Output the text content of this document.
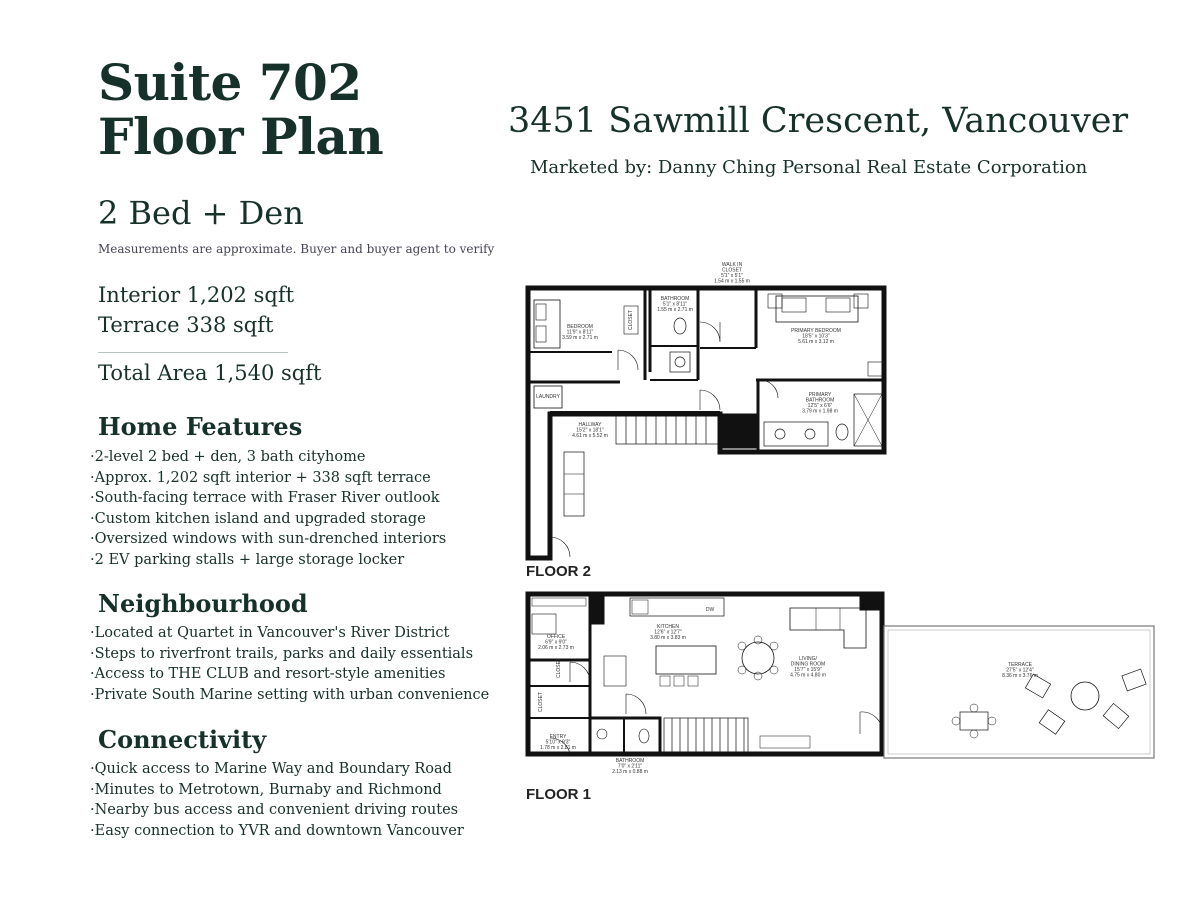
Suite 702
Floor Plan
2 Bed + Den
Measurements are approximate. Buyer and buyer agent to verify
Interior 1,202 sqft
Terrace 338 sqft
Total Area 1,540 sqft
Home Features
· 2-level 2 bed + den, 3 bath cityhome
· Approx. 1,202 sqft interior + 338 sqft terrace
· South-facing terrace with Fraser River outlook
· Custom kitchen island and upgraded storage
· Oversized windows with sun-drenched interiors
· 2 EV parking stalls + large storage locker
Neighbourhood
· Located at Quartet in Vancouver's River District
· Steps to riverfront trails, parks and daily essentials
· Access to THE CLUB and resort-style amenities
· Private South Marine setting with urban convenience
Connectivity
· Quick access to Marine Way and Boundary Road
· Minutes to Metrotown, Burnaby and Richmond
· Nearby bus access and convenient driving routes
· Easy connection to YVR and downtown Vancouver
3451 Sawmill Crescent, Vancouver
Marketed by: Danny Ching Personal Real Estate Corporation
WALK IN CLOSET 5'1" x 5'1" 1.54 m x 1.55 m
BATHROOM 5'1" x 8'11" 1.55 m x 2.71 m
BEDROOM 11'9" x 8'11" 3.59 m x 2.71 m
PRIMARY BEDROOM 18'5" x 10'3" 5.61 m x 3.12 m
LAUNDRY
HALLWAY 15'2" x 18'1" 4.61 m x 5.52 m
PRIMARY BATHROOM 12'5" x 6'6" 3.79 m x 1.98 m
CLOSET
FLOOR 2
OFFICE 6'9" x 9'0" 2.06 m x 2.73 m
KITCHEN 12'6" x 12'7" 3.80 m x 3.83 m
DW
LIVING/ DINING ROOM 15'7" x 15'9" 4.75 m x 4.80 m
TERRACE 27'5" x 12'4" 8.36 m x 3.76 m
ENTRY 5'10" x 9'3" 1.78 m x 2.81 m
BATHROOM 7'0" x 2'11" 2.13 m x 0.88 m
CLOSET
CLOSET
FLOOR 1
